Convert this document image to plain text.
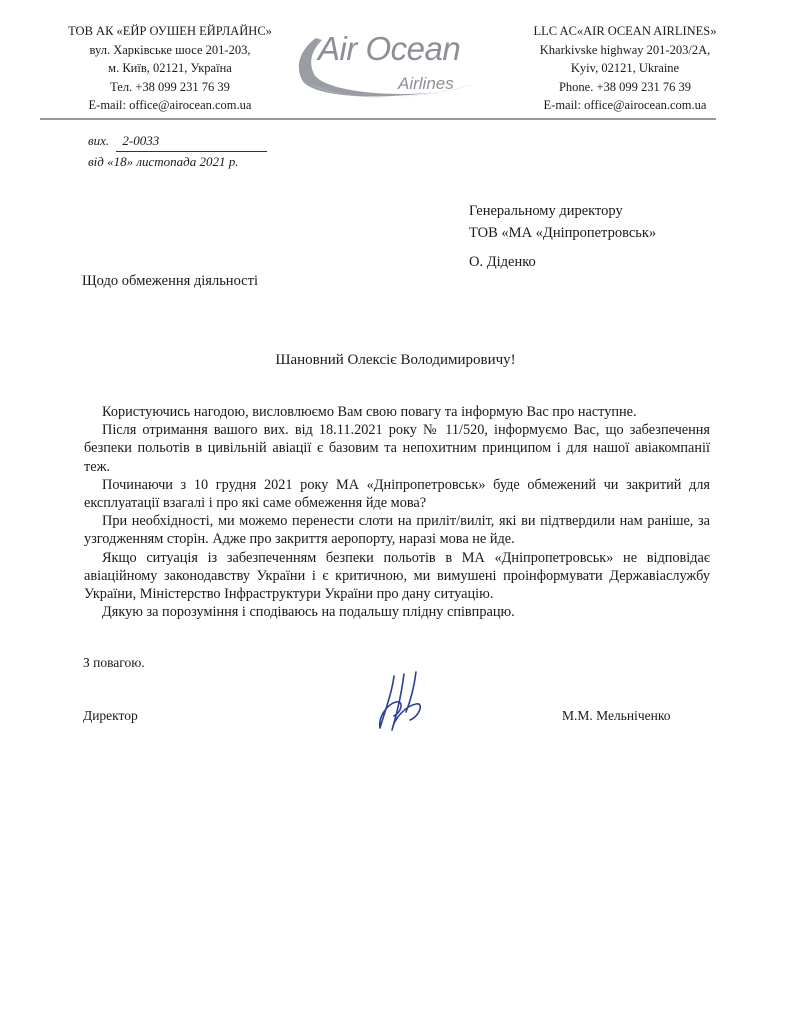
ТОВ АК «ЕЙР ОУШЕН ЕЙРЛАЙНС»
вул. Харківське шосе 201-203,
м. Київ, 02121, Україна
Тел. +38 099 231 76 39
E-mail: office@airocean.com.ua
Air Ocean
Airlines
LLC AC«AIR OCEAN AIRLINES»
Kharkivske highway 201-203/2A,
Kyiv, 02121, Ukraine
Phone. +38 099 231 76 39
E-mail: office@airocean.com.ua
вих. 2-0033
від «18» листопада 2021 р.
Генеральному директору
ТОВ «МА «Дніпропетровськ»
О. Діденко
Щодо обмеження діяльності
Шановний Олексіє Володимировичу!

Користуючись нагодою, висловлюємо Вам свою повагу та інформую Вас про наступне.

Після отримання вашого вих. від 18.11.2021 року № 11/520, інформуємо Вас, що забезпечення безпеки польотів в цивільній авіації є базовим та непохитним принципом і для нашої авіакомпанії теж.

Починаючи з 10 грудня 2021 року МА «Дніпропетровськ» буде обмежений чи закритий для експлуатації взагалі і про які саме обмеження йде мова?

При необхідності, ми можемо перенести слоти на приліт/виліт, які ви підтвердили нам раніше, за узгодженням сторін. Адже про закриття аеропорту, наразі мова не йде.

Якщо ситуація із забезпеченням безпеки польотів в МА «Дніпропетровськ» не відповідає авіаційному законодавству України і є критичною, ми вимушені проінформувати Державіаслужбу України, Міністерство Інфраструктури України про дану ситуацію.

Дякую за порозуміння і сподіваюсь на подальшу плідну співпрацю.

З повагою.
Директор	М.М. Мельніченко
